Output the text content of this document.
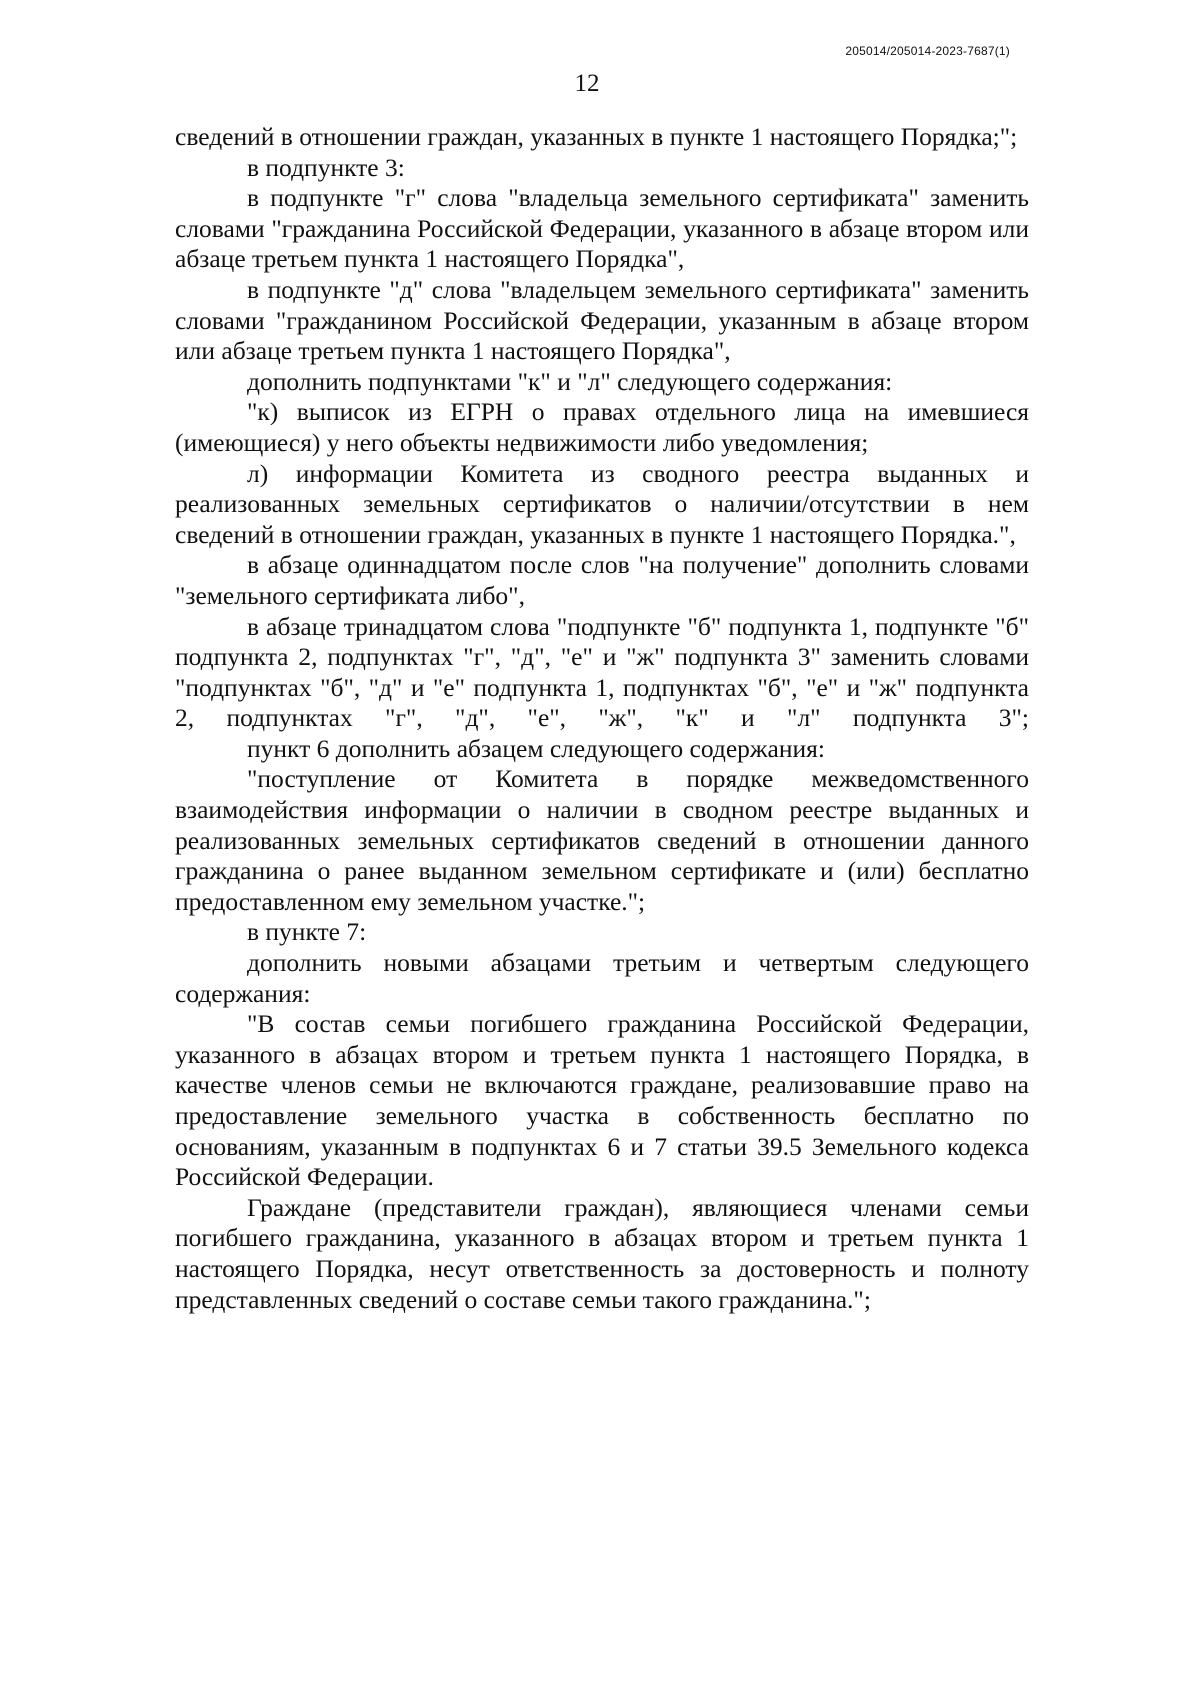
205014/205014-2023-7687(1)
12

сведений в отношении граждан, указанных в пункте 1 настоящего Порядка;";

в подпункте 3:

в подпункте "г" слова "владельца земельного сертификата" заменить словами "гражданина Российской Федерации, указанного в абзаце втором или абзаце третьем пункта 1 настоящего Порядка",

в подпункте "д" слова "владельцем земельного сертификата" заменить словами "гражданином Российской Федерации, указанным в абзаце втором или абзаце третьем пункта 1 настоящего Порядка",

дополнить подпунктами "к" и "л" следующего содержания:

"к) выписок из ЕГРН о правах отдельного лица на имевшиеся (имеющиеся) у него объекты недвижимости либо уведомления;

л) информации Комитета из сводного реестра выданных и реализованных земельных сертификатов о наличии/отсутствии в нем сведений в отношении граждан, указанных в пункте 1 настоящего Порядка.",

в абзаце одиннадцатом после слов "на получение" дополнить словами "земельного сертификата либо",

в абзаце тринадцатом слова "подпункте "б" подпункта 1, подпункте "б" подпункта 2, подпунктах "г", "д", "е" и "ж" подпункта 3" заменить словами "подпунктах "б", "д" и "е" подпункта 1, подпунктах "б", "е" и "ж" подпункта 2, подпунктах "г", "д", "е", "ж", "к" и "л" подпункта 3";

пункт 6 дополнить абзацем следующего содержания:

"поступление от Комитета в порядке межведомственного взаимодействия информации о наличии в сводном реестре выданных и реализованных земельных сертификатов сведений в отношении данного гражданина о ранее выданном земельном сертификате и (или) бесплатно предоставленном ему земельном участке.";

в пункте 7:

дополнить новыми абзацами третьим и четвертым следующего содержания:

"В состав семьи погибшего гражданина Российской Федерации, указанного в абзацах втором и третьем пункта 1 настоящего Порядка, в качестве членов семьи не включаются граждане, реализовавшие право на предоставление земельного участка в собственность бесплатно по основаниям, указанным в подпунктах 6 и 7 статьи 39.5 Земельного кодекса Российской Федерации.

Граждане (представители граждан), являющиеся членами семьи погибшего гражданина, указанного в абзацах втором и третьем пункта 1 настоящего Порядка, несут ответственность за достоверность и полноту представленных сведений о составе семьи такого гражданина.";
